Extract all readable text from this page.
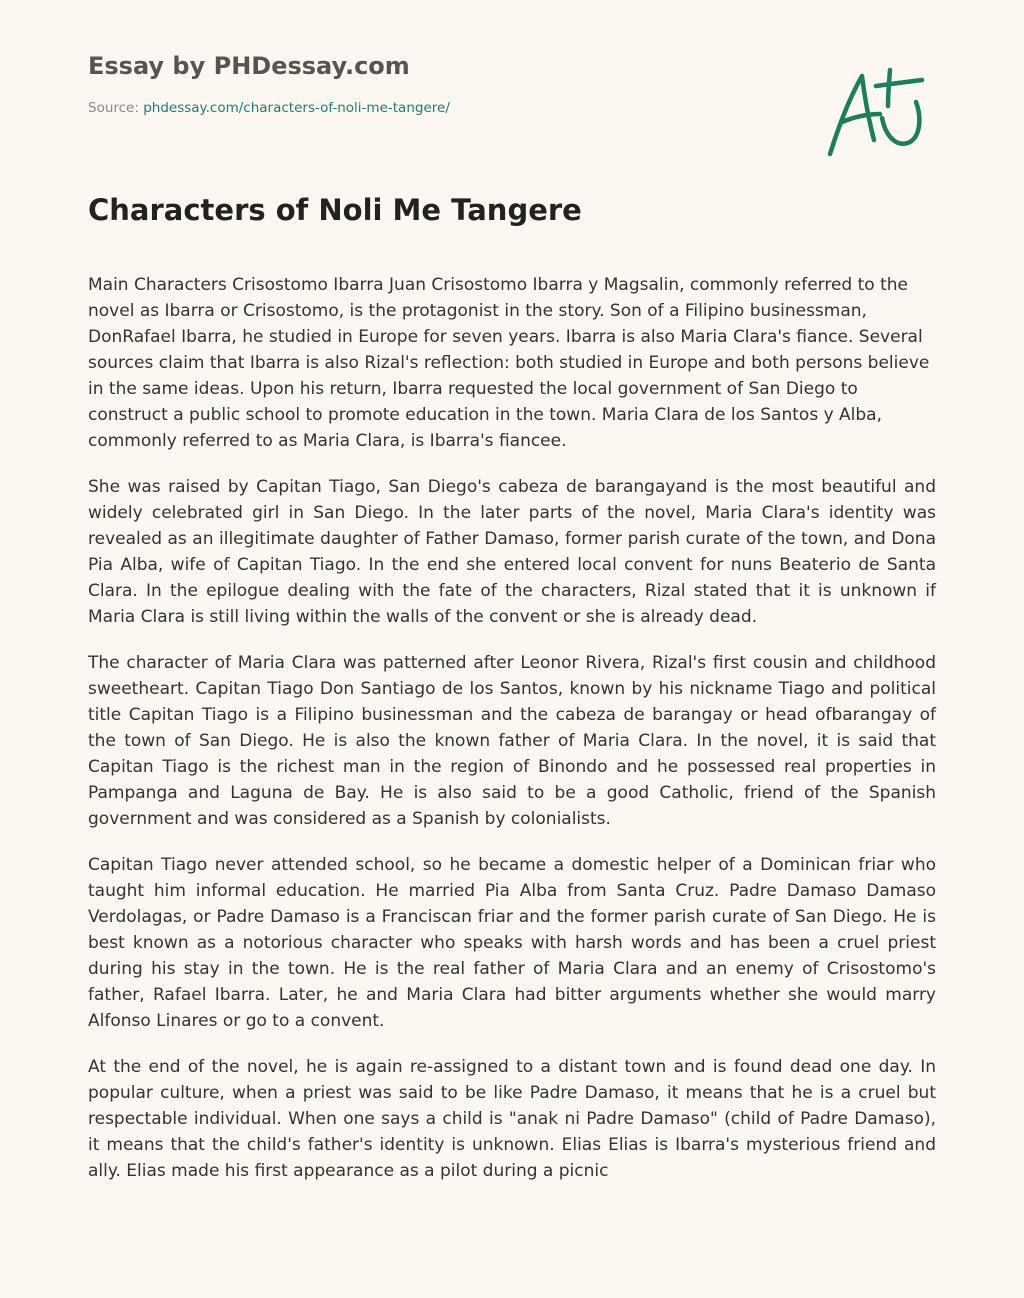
Essay by PHDessay.com
Source: phdessay.com/characters-of-noli-me-tangere/
Characters of Noli Me Tangere

Main Characters Crisostomo Ibarra Juan Crisostomo Ibarra y Magsalin, commonly referred to the novel as Ibarra or Crisostomo, is the protagonist in the story. Son of a Filipino businessman, DonRafael Ibarra, he studied in Europe for seven years. Ibarra is also Maria Clara's fiance. Several sources claim that Ibarra is also Rizal's reflection: both studied in Europe and both persons believe in the same ideas. Upon his return, Ibarra requested the local government of San Diego to construct a public school to promote education in the town. Maria Clara de los Santos y Alba, commonly referred to as Maria Clara, is Ibarra's fiancee.

She was raised by Capitan Tiago, San Diego's cabeza de barangayand is the most beautiful and widely celebrated girl in San Diego. In the later parts of the novel, Maria Clara's identity was revealed as an illegitimate daughter of Father Damaso, former parish curate of the town, and Dona Pia Alba, wife of Capitan Tiago. In the end she entered local convent for nuns Beaterio de Santa Clara. In the epilogue dealing with the fate of the characters, Rizal stated that it is unknown if Maria Clara is still living within the walls of the convent or she is already dead.

The character of Maria Clara was patterned after Leonor Rivera, Rizal's first cousin and childhood sweetheart. Capitan Tiago Don Santiago de los Santos, known by his nickname Tiago and political title Capitan Tiago is a Filipino businessman and the cabeza de barangay or head ofbarangay of the town of San Diego. He is also the known father of Maria Clara. In the novel, it is said that Capitan Tiago is the richest man in the region of Binondo and he possessed real properties in Pampanga and Laguna de Bay. He is also said to be a good Catholic, friend of the Spanish government and was considered as a Spanish by colonialists.

Capitan Tiago never attended school, so he became a domestic helper of a Dominican friar who taught him informal education. He married Pia Alba from Santa Cruz. Padre Damaso Damaso Verdolagas, or Padre Damaso is a Franciscan friar and the former parish curate of San Diego. He is best known as a notorious character who speaks with harsh words and has been a cruel priest during his stay in the town. He is the real father of Maria Clara and an enemy of Crisostomo's father, Rafael Ibarra. Later, he and Maria Clara had bitter arguments whether she would marry Alfonso Linares or go to a convent.

At the end of the novel, he is again re-assigned to a distant town and is found dead one day. In popular culture, when a priest was said to be like Padre Damaso, it means that he is a cruel but respectable individual. When one says a child is "anak ni Padre Damaso" (child of Padre Damaso), it means that the child's father's identity is unknown. Elias Elias is Ibarra's mysterious friend and ally. Elias made his first appearance as a pilot during a picnic
